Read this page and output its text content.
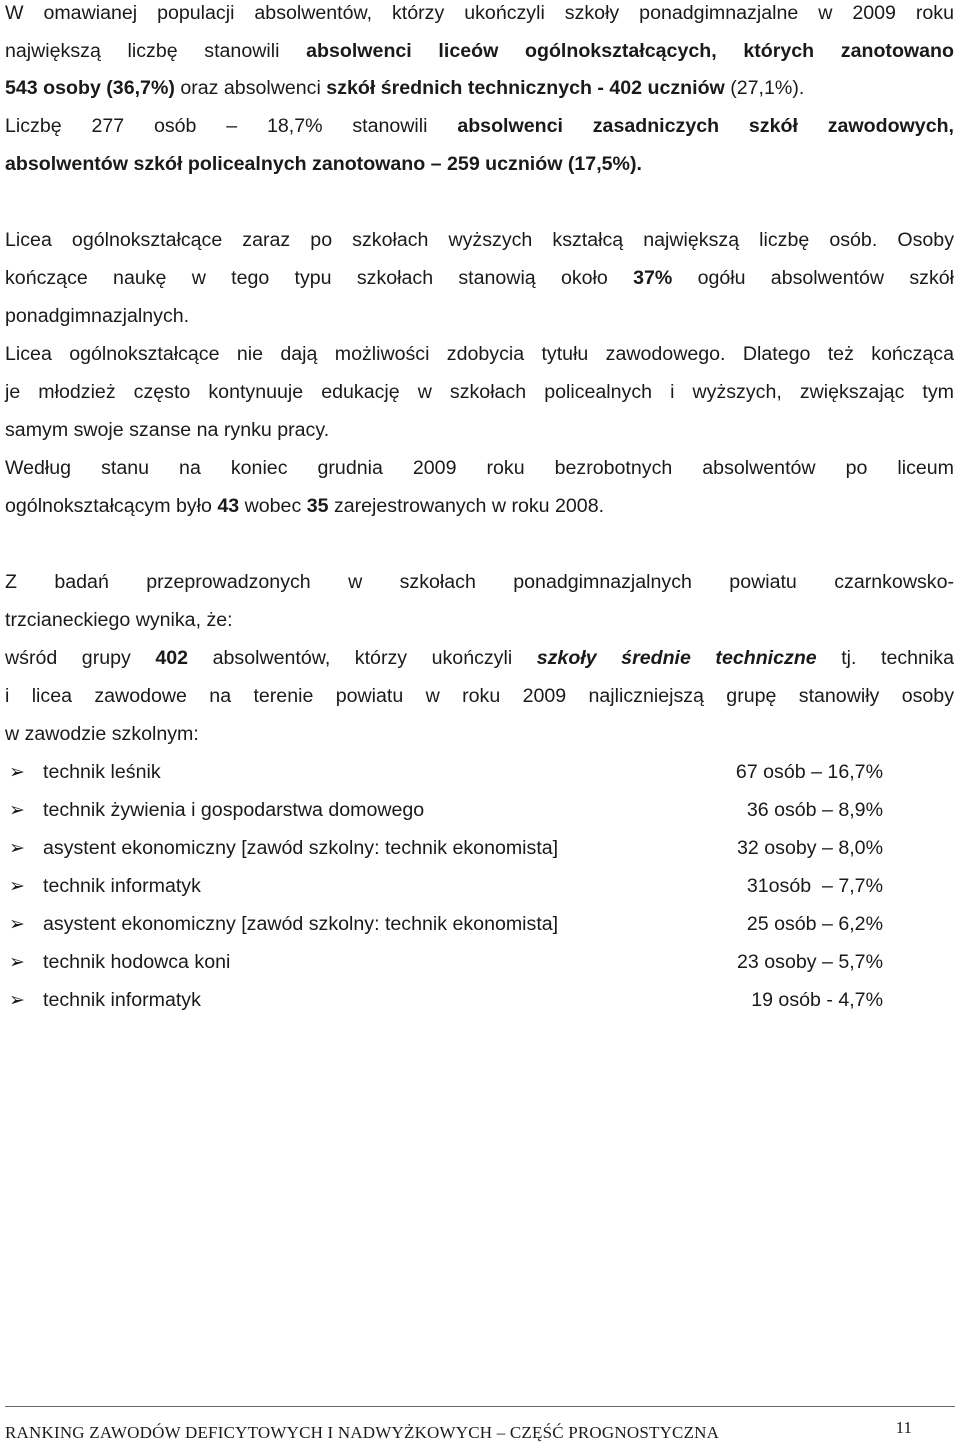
W omawianej populacji absolwentów, którzy ukończyli szkoły ponadgimnazjalne w 2009 roku
największą liczbę stanowili absolwenci liceów ogólnokształcących, których zanotowano
543 osoby (36,7%) oraz absolwenci szkół średnich technicznych - 402 uczniów (27,1%).
Liczbę 277 osób – 18,7% stanowili absolwenci zasadniczych szkół zawodowych,
absolwentów szkół policealnych zanotowano – 259 uczniów (17,5%).
Licea ogólnokształcące zaraz po szkołach wyższych kształcą największą liczbę osób. Osoby
kończące naukę w tego typu szkołach stanowią około 37% ogółu absolwentów szkół
ponadgimnazjalnych.
Licea ogólnokształcące nie dają możliwości zdobycia tytułu zawodowego. Dlatego też kończąca
je młodzież często kontynuuje edukację w szkołach policealnych i wyższych, zwiększając tym
samym swoje szanse na rynku pracy.
Według stanu na koniec grudnia 2009 roku bezrobotnych absolwentów po liceum
ogólnokształcącym było 43 wobec 35 zarejestrowanych w roku 2008.
Z badań przeprowadzonych w szkołach ponadgimnazjalnych powiatu czarnkowsko-
trzcianeckiego wynika, że:
wśród grupy 402 absolwentów, którzy ukończyli szkoły średnie techniczne tj. technika
i licea zawodowe na terenie powiatu w roku 2009 najliczniejszą grupę stanowiły osoby
w zawodzie szkolnym:
➢ technik leśnik	67 osób – 16,7%
➢ technik żywienia i gospodarstwa domowego	36 osób – 8,9%
➢ asystent ekonomiczny [zawód szkolny: technik ekonomista]	32 osoby – 8,0%
➢ technik informatyk	31osób  – 7,7%
➢ asystent ekonomiczny [zawód szkolny: technik ekonomista]	25 osób – 6,2%
➢ technik hodowca koni	23 osoby – 5,7%
➢ technik informatyk	19 osób - 4,7%
RANKING ZAWODÓW DEFICYTOWYCH I NADWYŻKOWYCH – CZĘŚĆ PROGNOSTYCZNA	11
